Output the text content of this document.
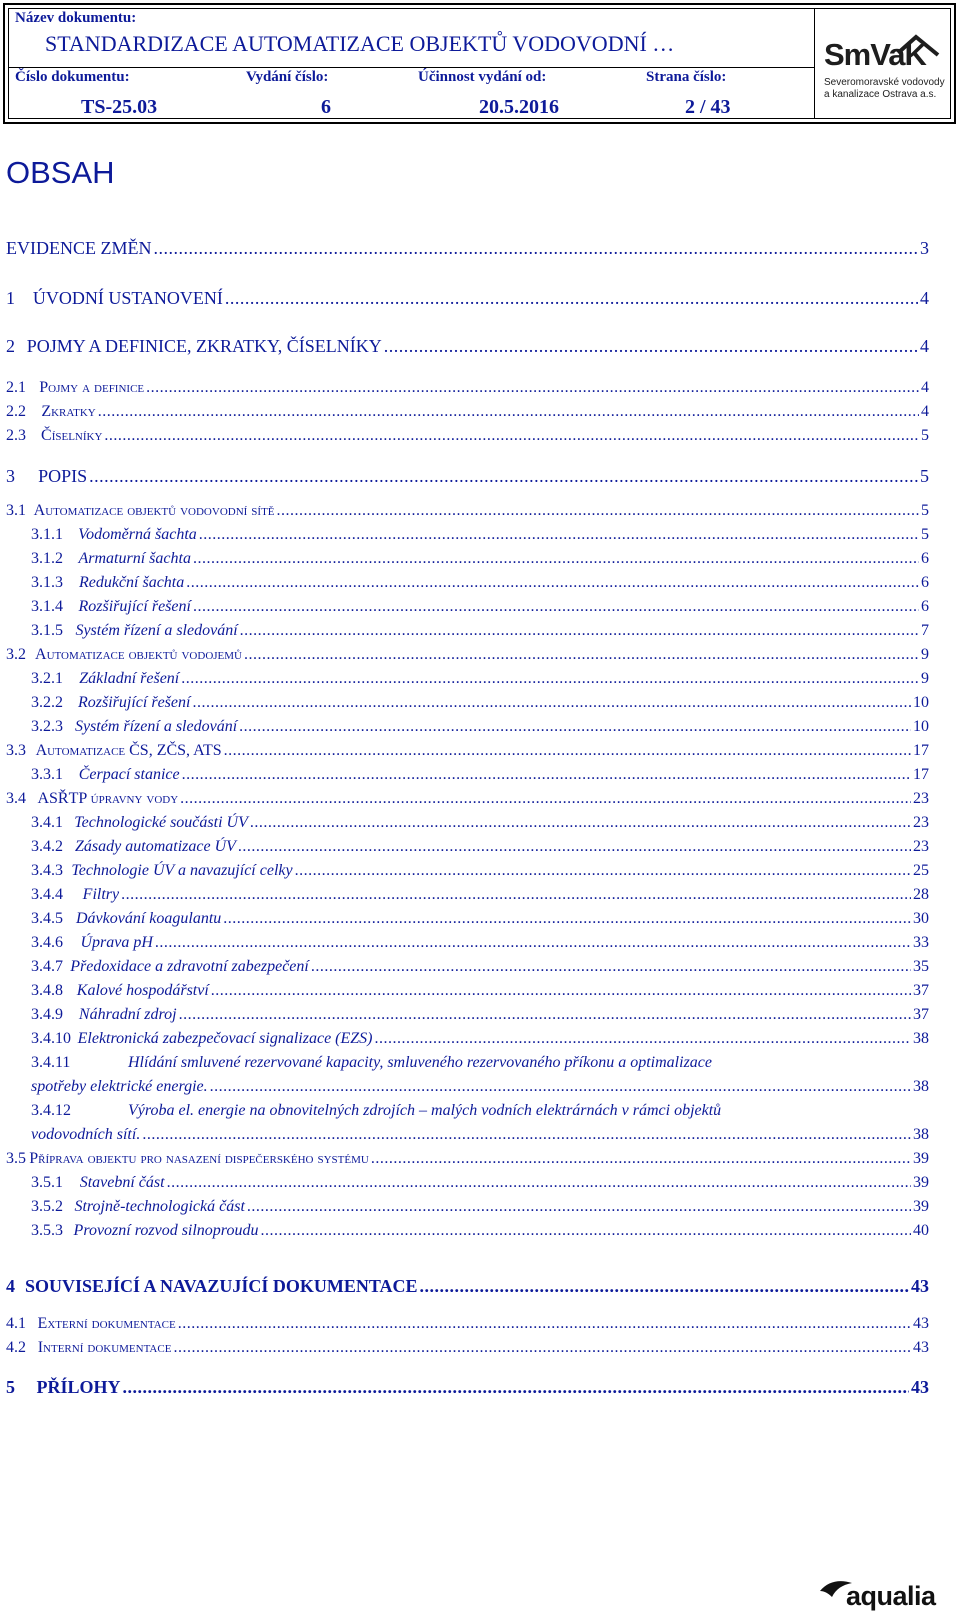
Název dokumentu:
STANDARDIZACE AUTOMATIZACE OBJEKTŮ VODOVODNÍ …
Číslo dokumentu:	Vydání číslo:	Účinnost vydání od:	Strana číslo:
TS-25.03	6	20.5.2016	2 / 43
SmVaK
Severomoravské vodovody
a kanalizace Ostrava a.s.
OBSAH
EVIDENCE ZMĚN .....	3
1 ÚVODNÍ USTANOVENÍ .....	4
2 POJMY A DEFINICE, ZKRATKY, ČÍSELNÍKY .....	4
2.1 Pojmy a definice .....	4
2.2 Zkratky .....	4
2.3 Číselníky .....	5
3	POPIS .....	5
3.1 Automatizace objektů vodovodní sítě .....	5
3.1.1 Vodoměrná šachta .....	5
3.1.2 Armaturní šachta .....	6
3.1.3 Redukční šachta .....	6
3.1.4 Rozšiřující řešení .....	6
3.1.5 Systém řízení a sledování .....	7
3.2 Automatizace objektů vodojemů .....	9
3.2.1	Základní řešení .....	9
3.2.2 Rozšiřující řešení .....	10
3.2.3 Systém řízení a sledování .....	10
3.3 Automatizace ČS, ZČS, ATS .....	17
3.3.1 Čerpací stanice .....	17
3.4 ASŘTP úpravny vody .....	23
3.4.1 Technologické součásti ÚV .....	23
3.4.2 Zásady automatizace ÚV .....	23
3.4.3 Technologie ÚV a navazující celky .....	25
3.4.4	Filtry .....	28
3.4.5 Dávkování koagulantu .....	30
3.4.6	Úprava pH .....	33
3.4.7 Předoxidace a zdravotní zabezpečení .....	35
3.4.8 Kalové hospodářství .....	37
3.4.9 Náhradní zdroj .....	37
3.4.10 Elektronická zabezpečovací signalizace (EZS) .....	38
3.4.11	Hlídání smluvené rezervované kapacity, smluveného rezervovaného příkonu a optimalizace
spotřeby elektrické energie. .....	38
3.4.12	Výroba el. energie na obnovitelných zdrojích – malých vodních elektrárnách v rámci objektů
vodovodních sítí. .....	38
3.5 Příprava objektu pro nasazení dispečerského systému .....	39
3.5.1	Stavební část .....	39
3.5.2 Strojně-technologická část .....	39
3.5.3 Provozní rozvod silnoproudu .....	40
4 SOUVISEJÍCÍ A NAVAZUJÍCÍ DOKUMENTACE .....	43
4.1 Externí dokumentace .....	43
4.2 Interní dokumentace .....	43
5	PŘÍLOHY .....	43
aqualia
